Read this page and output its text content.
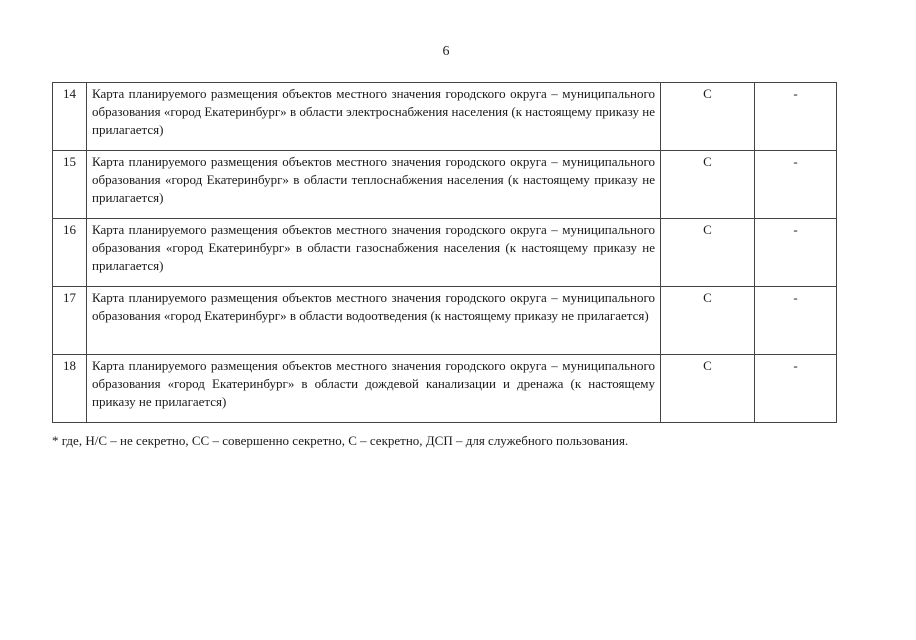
6
14	Карта планируемого размещения объектов местного значения городского округа – муниципального образования «город Екатеринбург» в области электроснабжения населения (к настоящему приказу не прилагается)	С	-
15	Карта планируемого размещения объектов местного значения городского округа – муниципального образования «город Екатеринбург» в области теплоснабжения населения (к настоящему приказу не прилагается)	С	-
16	Карта планируемого размещения объектов местного значения городского округа – муниципального образования «город Екатеринбург» в области газоснабжения населения (к настоящему приказу не прилагается)	С	-
17	Карта планируемого размещения объектов местного значения городского округа – муниципального образования «город Екатеринбург» в области водоотведения (к настоящему приказу не прилагается)	С	-
18	Карта планируемого размещения объектов местного значения городского округа – муниципального образования «город Екатеринбург» в области дождевой канализации и дренажа (к настоящему приказу не прилагается)	С	-
* где, Н/С – не секретно, СС – совершенно секретно, С – секретно, ДСП – для служебного пользования.
